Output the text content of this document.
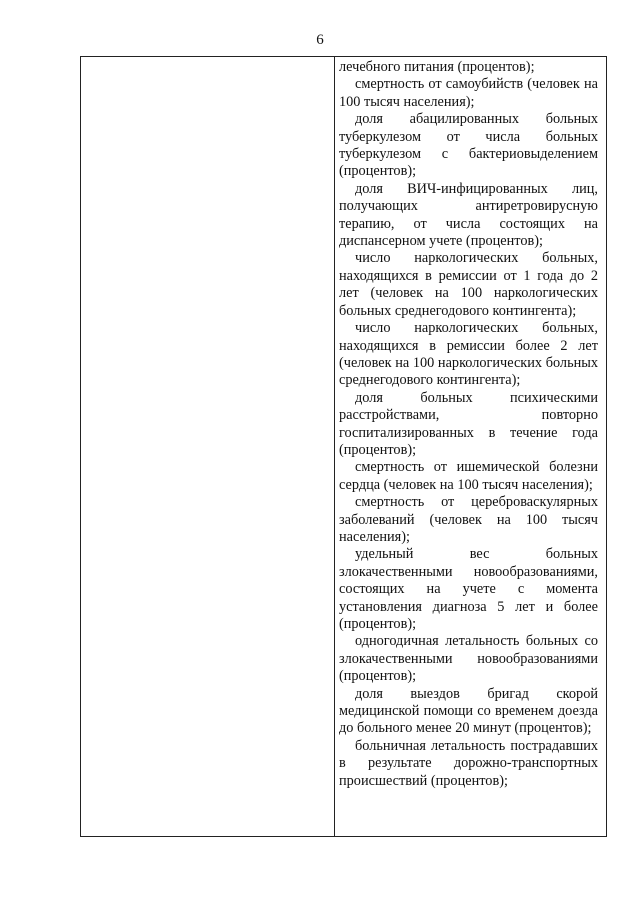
6
лечебного питания (процентов);
смертность от самоубийств (человек на 100 тысяч населения);
доля абацилированных больных туберкулезом от числа больных туберкулезом с бактериовыделением (процентов);
доля ВИЧ-инфицированных лиц, получающих антиретровирусную терапию, от числа состоящих на диспансерном учете (процентов);
число наркологических больных, находящихся в ремиссии от 1 года до 2 лет (человек на 100 наркологических больных среднегодового контингента);
число наркологических больных, находящихся в ремиссии более 2 лет (человек на 100 наркологических больных среднегодового контингента);
доля больных психическими расстройствами, повторно госпитализированных в течение года (процентов);
смертность от ишемической болезни сердца (человек на 100 тысяч населения);
смертность от цереброваскулярных заболеваний (человек на 100 тысяч населения);
удельный вес больных злокачественными новообразованиями, состоящих на учете с момента установления диагноза 5 лет и более (процентов);
одногодичная летальность больных со злокачественными новообразованиями (процентов);
доля выездов бригад скорой медицинской помощи со временем доезда до больного менее 20 минут (процентов);
больничная летальность пострадавших в результате дорожно-транспортных происшествий (процентов);
